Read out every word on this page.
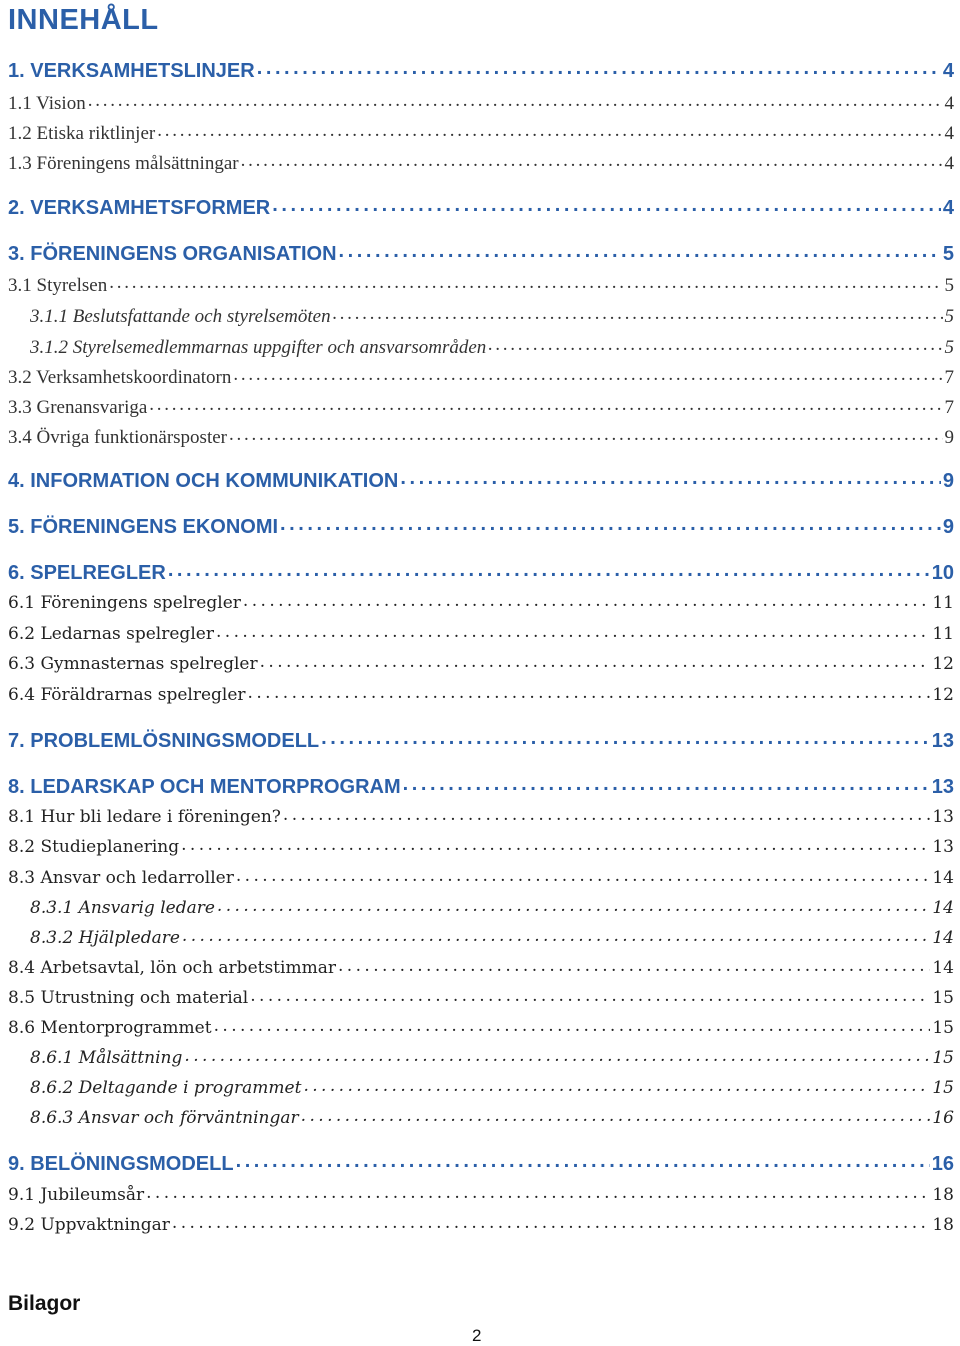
INNEHÅLL
1. VERKSAMHETSLINJER . . .	4
1.1 Vision . . .	4
1.2 Etiska riktlinjer . . .	4
1.3 Föreningens målsättningar . . .	4
2. VERKSAMHETSFORMER . . .	4
3. FÖRENINGENS ORGANISATION . . .	5
3.1 Styrelsen . . .	5
3.1.1 Beslutsfattande och styrelsemöten . . .	5
3.1.2 Styrelsemedlemmarnas uppgifter och ansvarsområden . . .	5
3.2 Verksamhetskoordinatorn . . .	7
3.3 Grenansvariga . . .	7
3.4 Övriga funktionärsposter . . .	9
4. INFORMATION OCH KOMMUNIKATION . . .	9
5. FÖRENINGENS EKONOMI . . .	9
6. SPELREGLER . . .	10
6.1 Föreningens spelregler . . .	11
6.2 Ledarnas spelregler . . .	11
6.3 Gymnasternas spelregler . . .	12
6.4 Föräldrarnas spelregler . . .	12
7. PROBLEMLÖSNINGSMODELL . . .	13
8. LEDARSKAP OCH MENTORPROGRAM . . .	13
8.1 Hur bli ledare i föreningen? . . .	13
8.2 Studieplanering . . .	13
8.3 Ansvar och ledarroller . . .	14
8.3.1 Ansvarig ledare . . .	14
8.3.2 Hjälpledare . . .	14
8.4 Arbetsavtal, lön och arbetstimmar . . .	14
8.5 Utrustning och material . . .	15
8.6 Mentorprogrammet . . .	15
8.6.1 Målsättning . . .	15
8.6.2 Deltagande i programmet . . .	15
8.6.3 Ansvar och förväntningar . . .	16
9. BELÖNINGSMODELL . . .	16
9.1 Jubileumsår . . .	18
9.2 Uppvaktningar . . .	18
Bilagor
2
